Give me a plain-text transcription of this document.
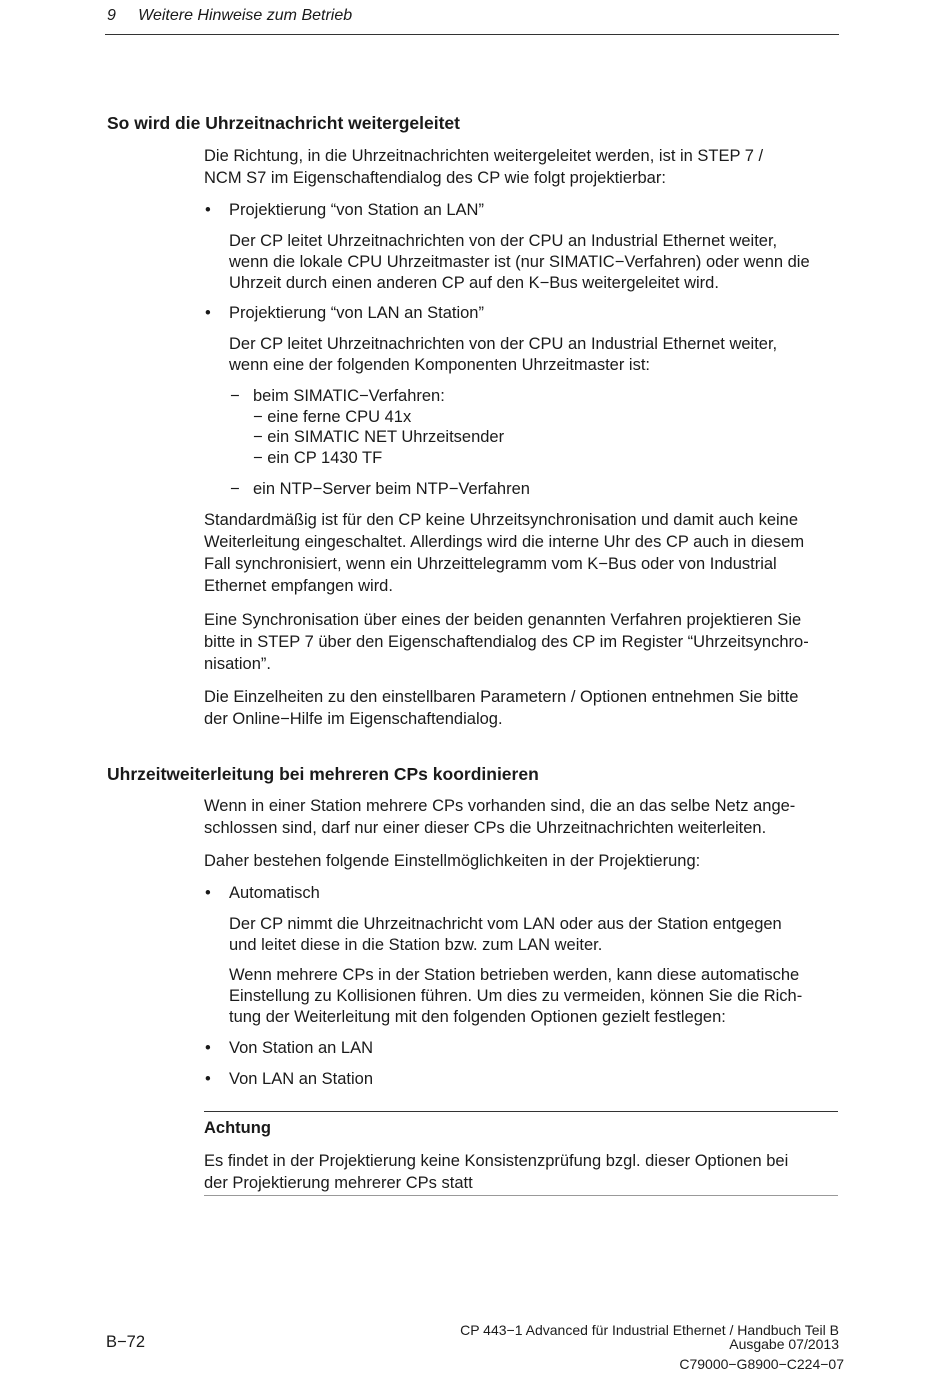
9     Weitere Hinweise zum Betrieb
So wird die Uhrzeitnachricht weitergeleitet
Die Richtung, in die Uhrzeitnachrichten weitergeleitet werden, ist in STEP 7 /
NCM S7 im Eigenschaftendialog des CP wie folgt projektierbar:
• Projektierung “von Station an LAN”
Der CP leitet Uhrzeitnachrichten von der CPU an Industrial Ethernet weiter,
wenn die lokale CPU Uhrzeitmaster ist (nur SIMATIC−Verfahren) oder wenn die
Uhrzeit durch einen anderen CP auf den K−Bus weitergeleitet wird.
• Projektierung “von LAN an Station”
Der CP leitet Uhrzeitnachrichten von der CPU an Industrial Ethernet weiter,
wenn eine der folgenden Komponenten Uhrzeitmaster ist:
− beim SIMATIC−Verfahren:
− eine ferne CPU 41x
− ein SIMATIC NET Uhrzeitsender
− ein CP 1430 TF
− ein NTP−Server beim NTP−Verfahren
Standardmäßig ist für den CP keine Uhrzeitsynchronisation und damit auch keine
Weiterleitung eingeschaltet. Allerdings wird die interne Uhr des CP auch in diesem
Fall synchronisiert, wenn ein Uhrzeittelegramm vom K−Bus oder von Industrial
Ethernet empfangen wird.
Eine Synchronisation über eines der beiden genannten Verfahren projektieren Sie
bitte in STEP 7 über den Eigenschaftendialog des CP im Register “Uhrzeitsynchro-
nisation”.
Die Einzelheiten zu den einstellbaren Parametern / Optionen entnehmen Sie bitte
der Online−Hilfe im Eigenschaftendialog.
Uhrzeitweiterleitung bei mehreren CPs koordinieren
Wenn in einer Station mehrere CPs vorhanden sind, die an das selbe Netz ange-
schlossen sind, darf nur einer dieser CPs die Uhrzeitnachrichten weiterleiten.
Daher bestehen folgende Einstellmöglichkeiten in der Projektierung:
• Automatisch
Der CP nimmt die Uhrzeitnachricht vom LAN oder aus der Station entgegen
und leitet diese in die Station bzw. zum LAN weiter.
Wenn mehrere CPs in der Station betrieben werden, kann diese automatische
Einstellung zu Kollisionen führen. Um dies zu vermeiden, können Sie die Rich-
tung der Weiterleitung mit den folgenden Optionen gezielt festlegen:
• Von Station an LAN
• Von LAN an Station
Achtung
Es findet in der Projektierung keine Konsistenzprüfung bzgl. dieser Optionen bei
der Projektierung mehrerer CPs statt
B−72
CP 443−1 Advanced für Industrial Ethernet / Handbuch Teil B
Ausgabe 07/2013
C79000−G8900−C224−07
